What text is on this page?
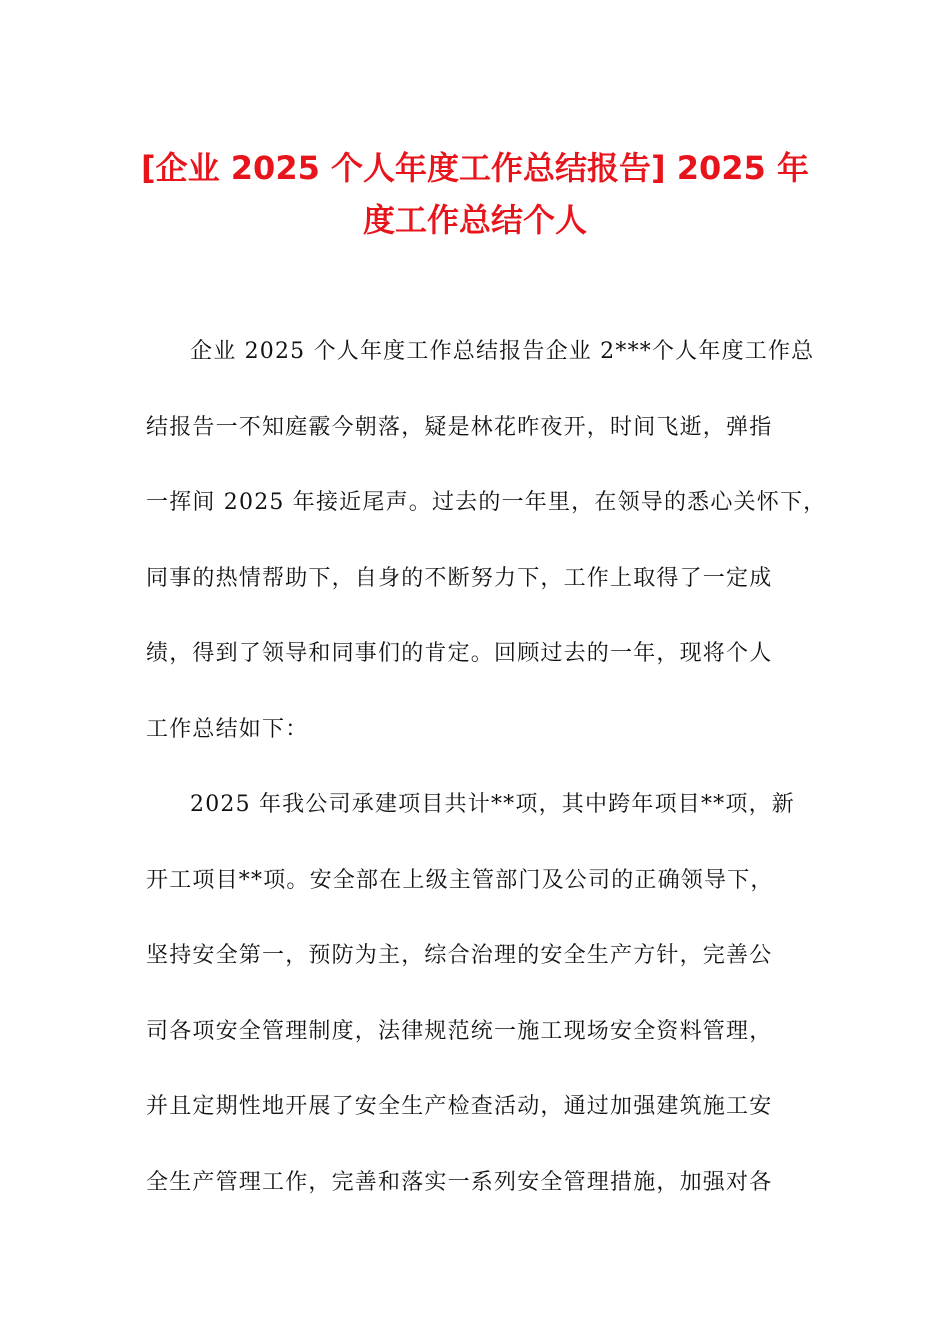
[企业 2025 个人年度工作总结报告] 2025 年
度工作总结个人
企业 2025 个人年度工作总结报告企业 2***个人年度工作总
结报告一不知庭霰今朝落，疑是林花昨夜开，时间飞逝，弹指
一挥间 2025 年接近尾声。过去的一年里，在领导的悉心关怀下，
同事的热情帮助下，自身的不断努力下，工作上取得了一定成
绩，得到了领导和同事们的肯定。回顾过去的一年，现将个人
工作总结如下：
2025 年我公司承建项目共计**项，其中跨年项目**项，新
开工项目**项。安全部在上级主管部门及公司的正确领导下，
坚持安全第一，预防为主，综合治理的安全生产方针，完善公
司各项安全管理制度，法律规范统一施工现场安全资料管理，
并且定期性地开展了安全生产检查活动，通过加强建筑施工安
全生产管理工作，完善和落实一系列安全管理措施，加强对各
